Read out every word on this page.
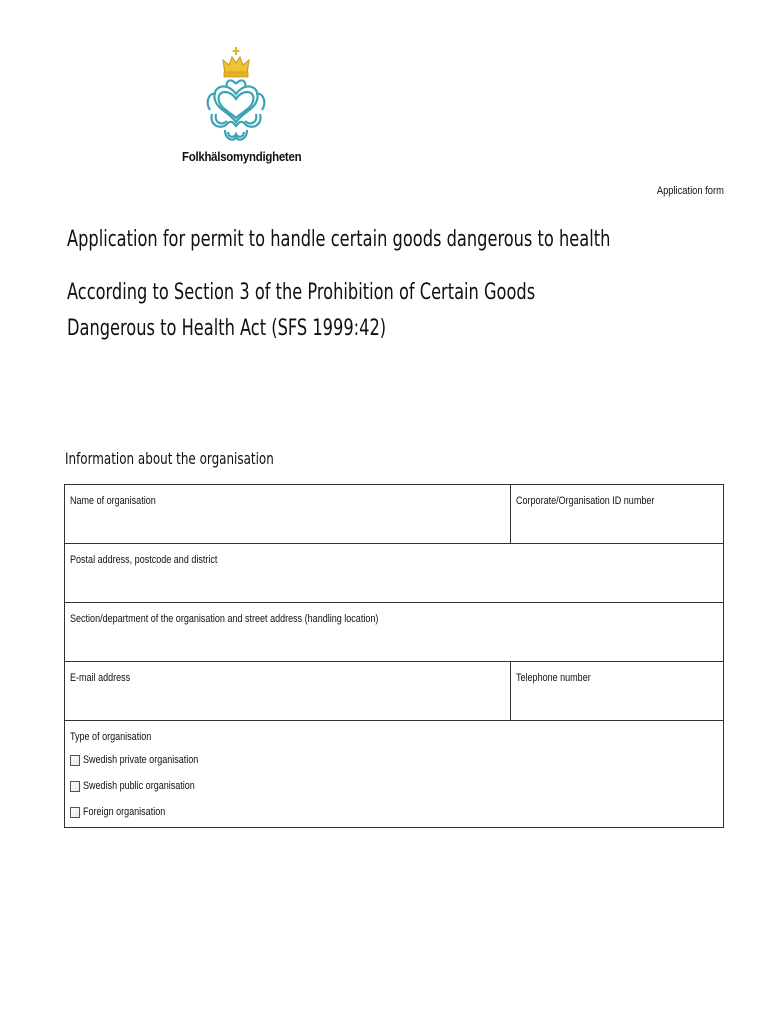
Folkhälsomyndigheten
Application form

Application for permit to handle certain goods dangerous to health

According to Section 3 of the Prohibition of Certain Goods Dangerous to Health Act (SFS 1999:42)

Information about the organisation
Name of organisation	Corporate/Organisation ID number
Postal address, postcode and district
Section/department of the organisation and street address (handling location)
E-mail address	Telephone number
Type of organisation
Swedish private organisation
Swedish public organisation
Foreign organisation
